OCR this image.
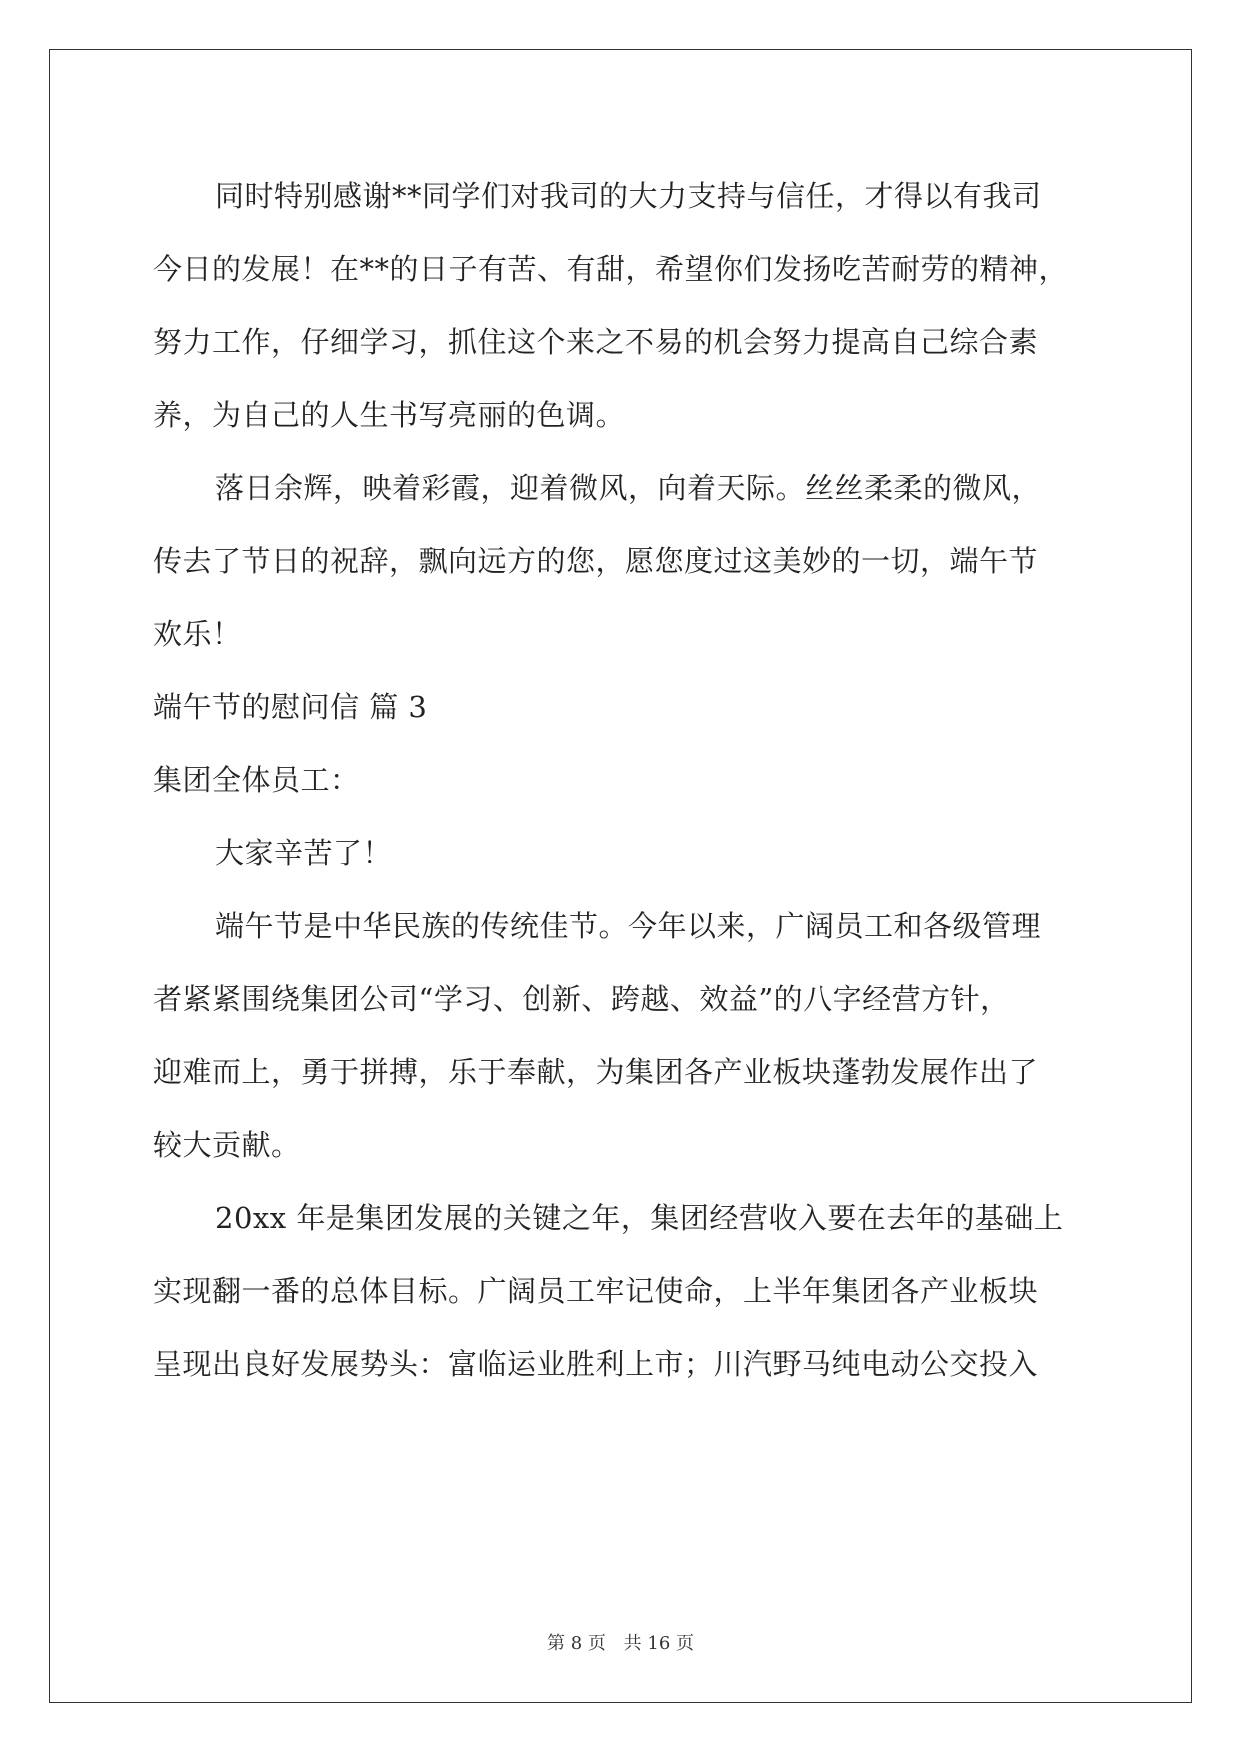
同时特别感谢**同学们对我司的大力支持与信任，才得以有我司
今日的发展！在**的日子有苦、有甜，希望你们发扬吃苦耐劳的精神，
努力工作，仔细学习，抓住这个来之不易的机会努力提高自己综合素
养，为自己的人生书写亮丽的色调。
落日余辉，映着彩霞，迎着微风，向着天际。丝丝柔柔的微风，
传去了节日的祝辞，飘向远方的您，愿您度过这美妙的一切，端午节
欢乐！
端午节的慰问信 篇 3
集团全体员工：
大家辛苦了！
端午节是中华民族的传统佳节。今年以来，广阔员工和各级管理
者紧紧围绕集团公司“学习、创新、跨越、效益”的八字经营方针，
迎难而上，勇于拼搏，乐于奉献，为集团各产业板块蓬勃发展作出了
较大贡献。
20xx 年是集团发展的关键之年，集团经营收入要在去年的基础上
实现翻一番的总体目标。广阔员工牢记使命，上半年集团各产业板块
呈现出良好发展势头：富临运业胜利上市；川汽野马纯电动公交投入
第 8 页 共 16 页
